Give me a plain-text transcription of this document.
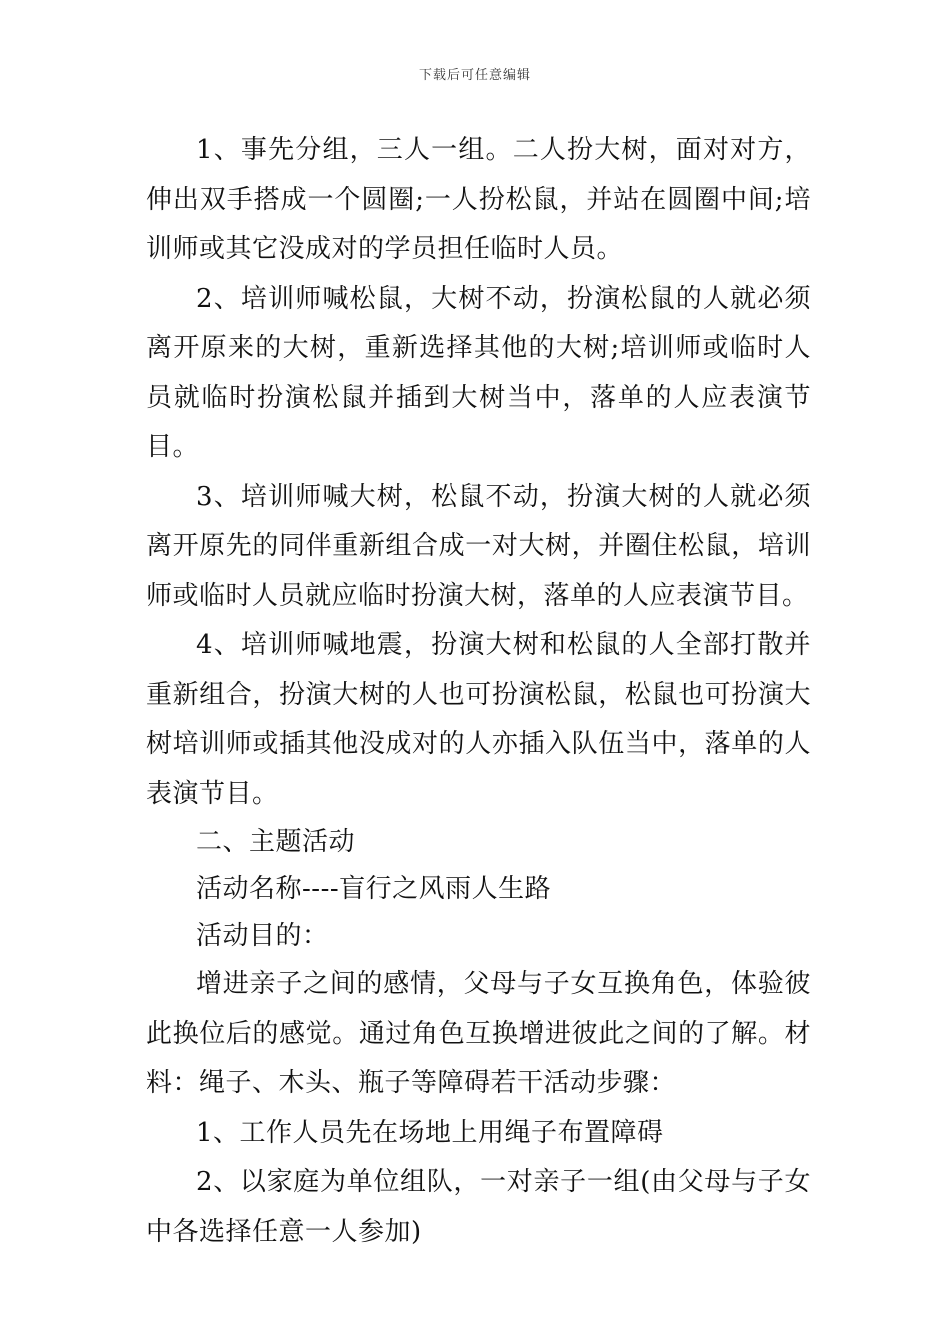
下载后可任意编辑

1、事先分组，三人一组。二人扮大树，面对对方，伸出双手搭成一个圆圈;一人扮松鼠，并站在圆圈中间;培训师或其它没成对的学员担任临时人员。

2、培训师喊松鼠，大树不动，扮演松鼠的人就必须离开原来的大树，重新选择其他的大树;培训师或临时人员就临时扮演松鼠并插到大树当中，落单的人应表演节目。

3、培训师喊大树，松鼠不动，扮演大树的人就必须离开原先的同伴重新组合成一对大树，并圈住松鼠，培训师或临时人员就应临时扮演大树，落单的人应表演节目。

4、培训师喊地震，扮演大树和松鼠的人全部打散并重新组合，扮演大树的人也可扮演松鼠，松鼠也可扮演大树培训师或插其他没成对的人亦插入队伍当中，落单的人表演节目。

二、主题活动

活动名称----盲行之风雨人生路

活动目的：

增进亲子之间的感情，父母与子女互换角色，体验彼此换位后的感觉。通过角色互换增进彼此之间的了解。材料：绳子、木头、瓶子等障碍若干活动步骤：

1、工作人员先在场地上用绳子布置障碍

2、以家庭为单位组队，一对亲子一组(由父母与子女中各选择任意一人参加)
